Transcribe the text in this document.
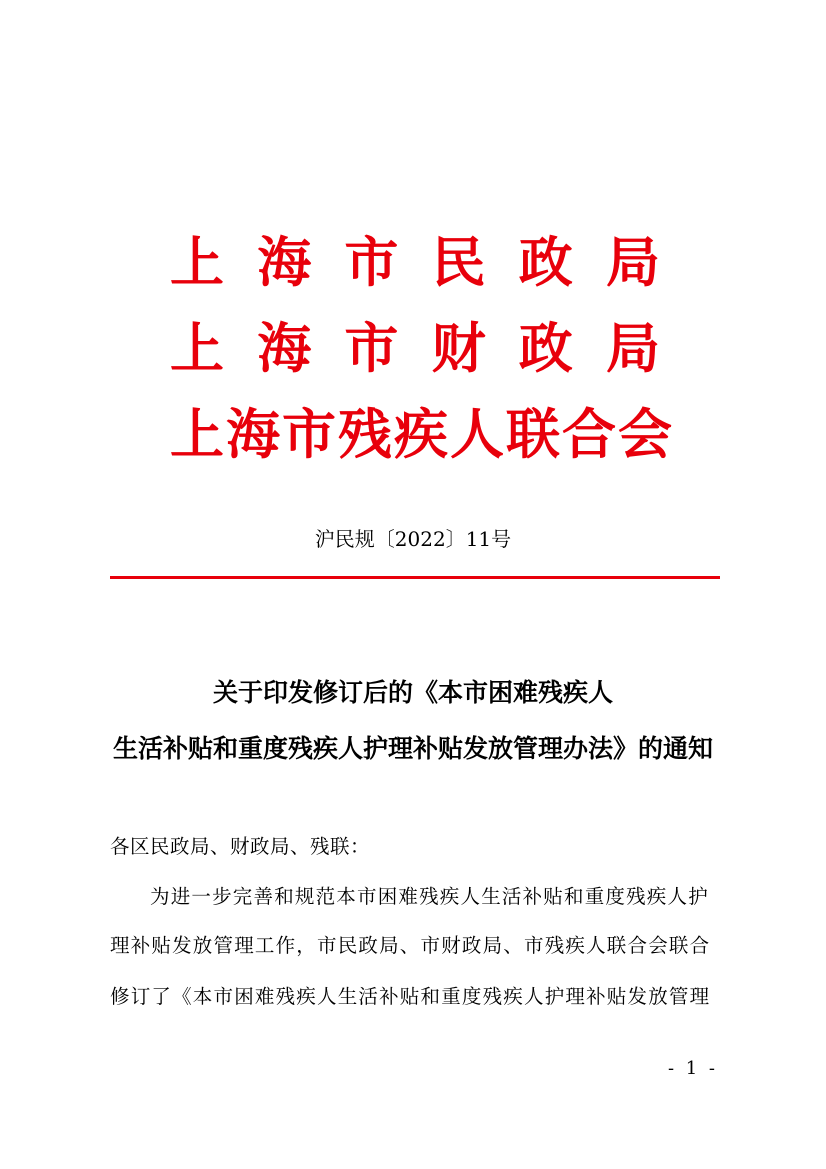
上 海 市 民 政 局
上 海 市 财 政 局
上海市残疾人联合会
沪民规〔2022〕11号
关于印发修订后的《本市困难残疾人
生活补贴和重度残疾人护理补贴发放管理办法》的通知
各区民政局、财政局、残联：
为进一步完善和规范本市困难残疾人生活补贴和重度残疾人护
理补贴发放管理工作，市民政局、市财政局、市残疾人联合会联合
修订了《本市困难残疾人生活补贴和重度残疾人护理补贴发放管理
- 1 -
